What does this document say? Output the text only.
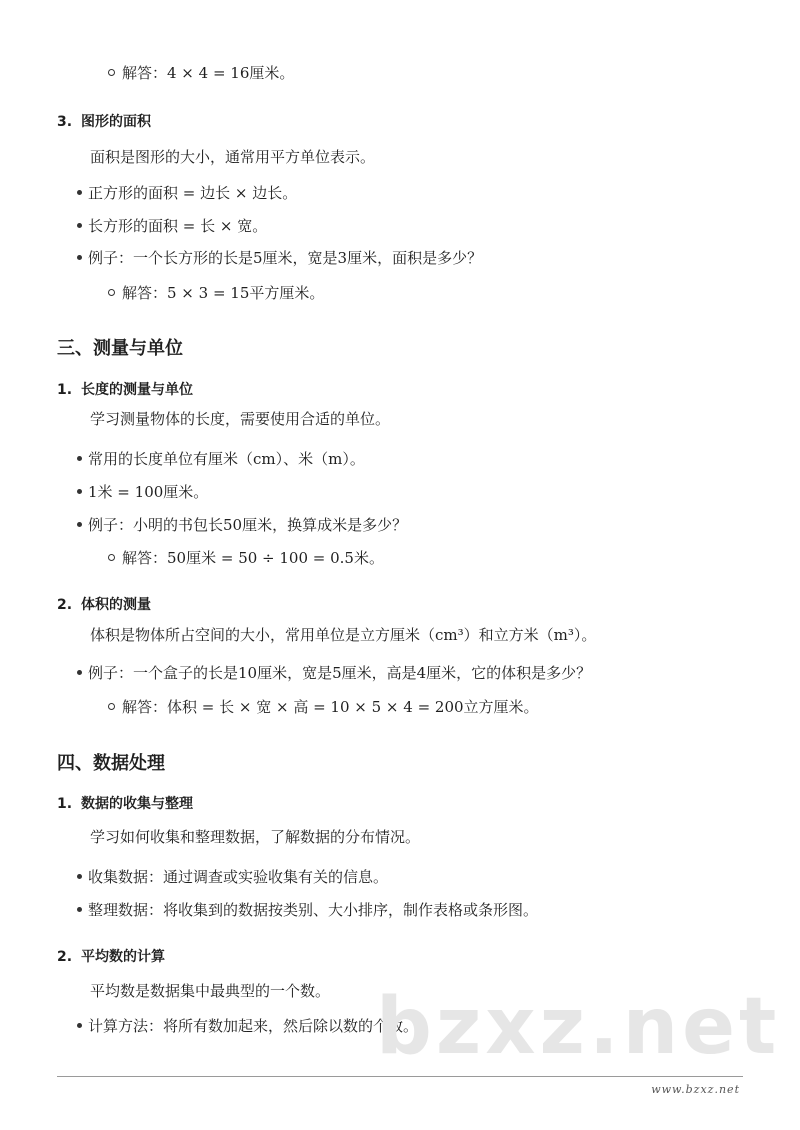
解答：4 × 4 = 16厘米。
3. 图形的面积
面积是图形的大小，通常用平方单位表示。
正方形的面积 = 边长 × 边长。
长方形的面积 = 长 × 宽。
例子：一个长方形的长是5厘米，宽是3厘米，面积是多少？
解答：5 × 3 = 15平方厘米。
三、测量与单位
1. 长度的测量与单位
学习测量物体的长度，需要使用合适的单位。
常用的长度单位有厘米（cm）、米（m）。
1米 = 100厘米。
例子：小明的书包长50厘米，换算成米是多少？
解答：50厘米 = 50 ÷ 100 = 0.5米。
2. 体积的测量
体积是物体所占空间的大小，常用单位是立方厘米（cm³）和立方米（m³）。
例子：一个盒子的长是10厘米，宽是5厘米，高是4厘米，它的体积是多少？
解答：体积 = 长 × 宽 × 高 = 10 × 5 × 4 = 200立方厘米。
四、数据处理
1. 数据的收集与整理
学习如何收集和整理数据，了解数据的分布情况。
收集数据：通过调查或实验收集有关的信息。
整理数据：将收集到的数据按类别、大小排序，制作表格或条形图。
2. 平均数的计算
平均数是数据集中最典型的一个数。
计算方法：将所有数加起来，然后除以数的个数。
bzxz.net
www.bzxz.net
